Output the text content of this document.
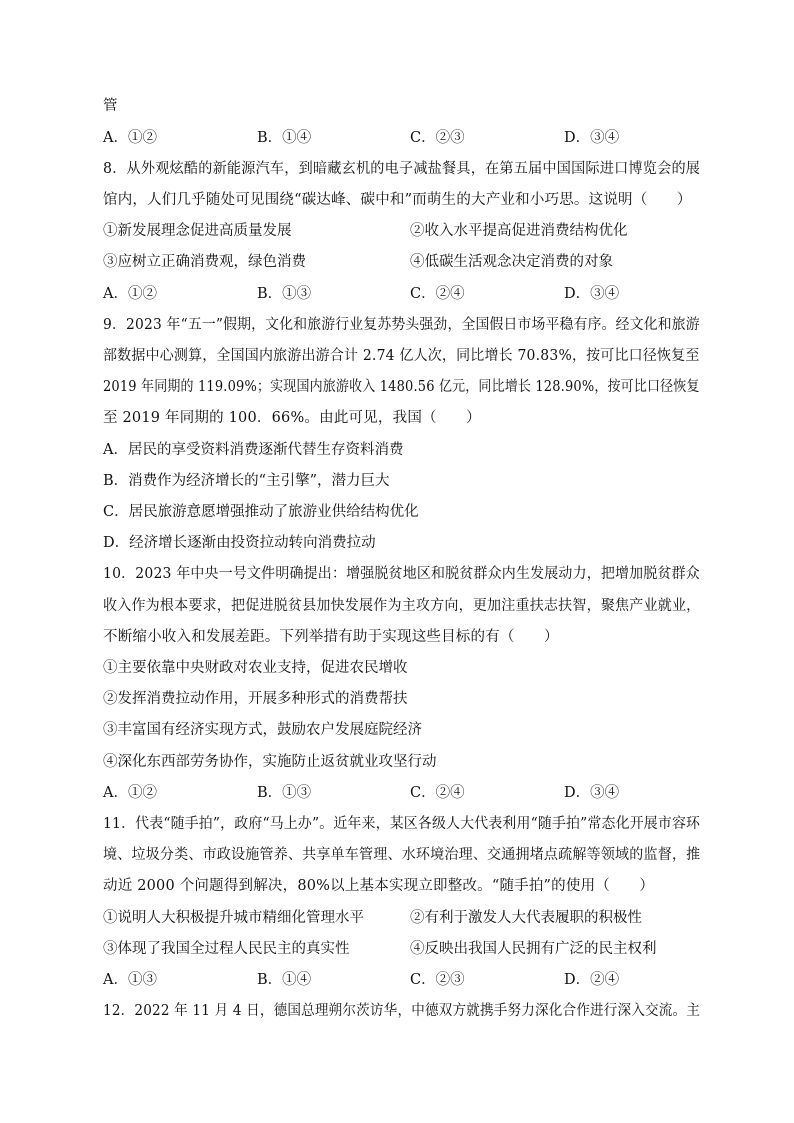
管
A．①②	B．①④	C．②③	D．③④
8．从外观炫酷的新能源汽车，到暗藏玄机的电子减盐餐具，在第五届中国国际进口博览会的展
馆内，人们几乎随处可见围绕“碳达峰、碳中和”而萌生的大产业和小巧思。这说明（　　）
①新发展理念促进高质量发展	②收入水平提高促进消费结构优化
③应树立正确消费观，绿色消费	④低碳生活观念决定消费的对象
A．①②	B．①③	C．②④	D．③④
9．2023 年“五一”假期，文化和旅游行业复苏势头强劲，全国假日市场平稳有序。经文化和旅游
部数据中心测算，全国国内旅游出游合计 2.74 亿人次，同比增长 70.83%，按可比口径恢复至
2019 年同期的 119.09%；实现国内旅游收入 1480.56 亿元，同比增长 128.90%，按可比口径恢复
至 2019 年同期的 100．66%。由此可见，我国（　　）
A．居民的享受资料消费逐渐代替生存资料消费
B．消费作为经济增长的“主引擎”，潜力巨大
C．居民旅游意愿增强推动了旅游业供给结构优化
D．经济增长逐渐由投资拉动转向消费拉动
10．2023 年中央一号文件明确提出：增强脱贫地区和脱贫群众内生发展动力，把增加脱贫群众
收入作为根本要求，把促进脱贫县加快发展作为主攻方向，更加注重扶志扶智，聚焦产业就业，
不断缩小收入和发展差距。下列举措有助于实现这些目标的有（　　）
①主要依靠中央财政对农业支持，促进农民增收
②发挥消费拉动作用，开展多种形式的消费帮扶
③丰富国有经济实现方式，鼓励农户发展庭院经济
④深化东西部劳务协作，实施防止返贫就业攻坚行动
A．①②	B．①③	C．②④	D．③④
11．代表“随手拍”，政府“马上办”。近年来，某区各级人大代表利用“随手拍”常态化开展市容环
境、垃圾分类、市政设施管养、共享单车管理、水环境治理、交通拥堵点疏解等领域的监督，推
动近 2000 个问题得到解决，80%以上基本实现立即整改。“随手拍”的使用（　　）
①说明人大积极提升城市精细化管理水平	②有利于激发人大代表履职的积极性
③体现了我国全过程人民民主的真实性	④反映出我国人民拥有广泛的民主权利
A．①③	B．①④	C．②③	D．②④
12．2022 年 11 月 4 日，德国总理朔尔茨访华，中德双方就携手努力深化合作进行深入交流。主
